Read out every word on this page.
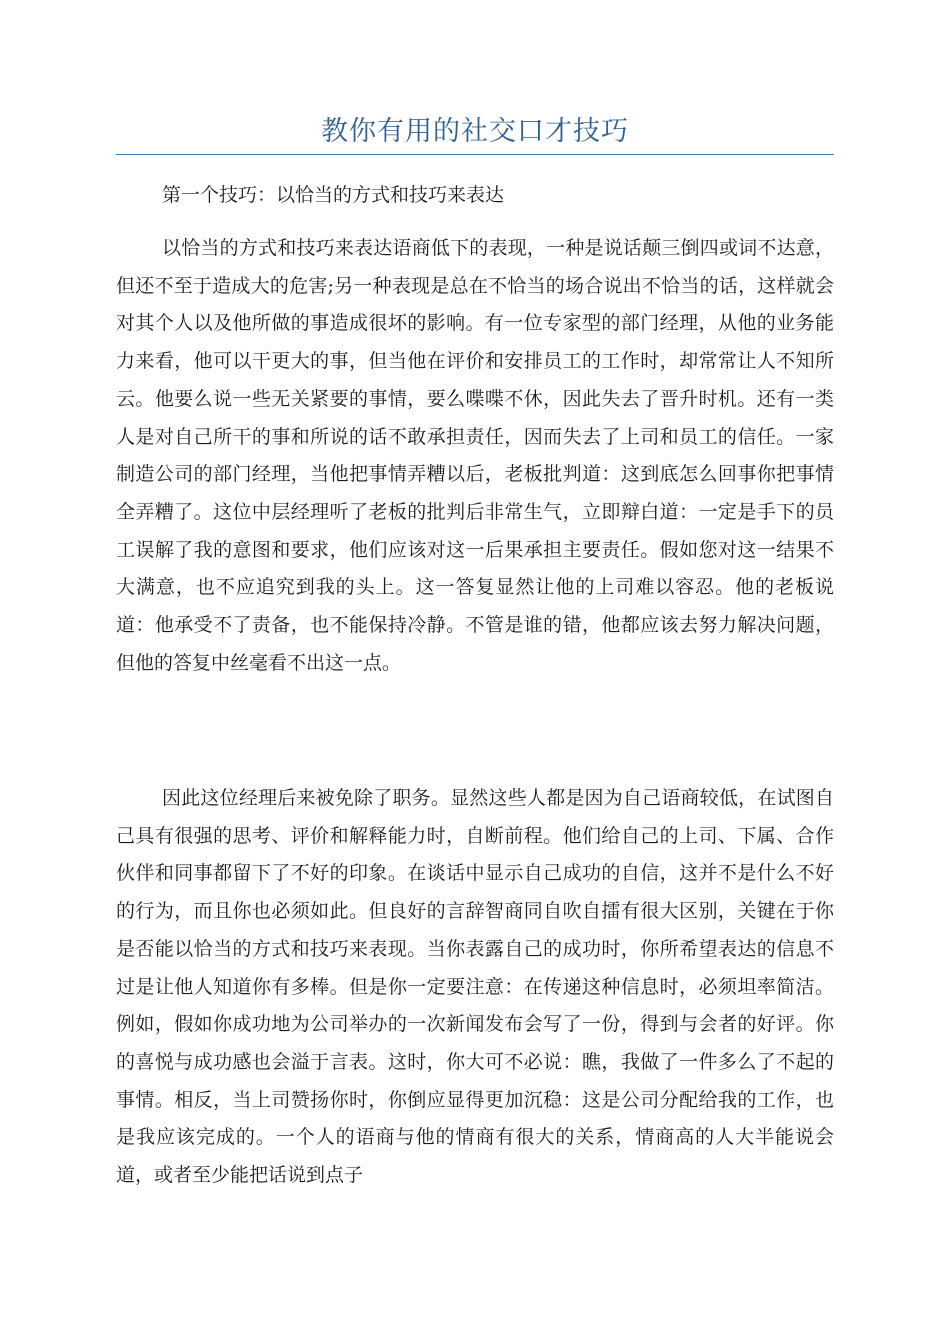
教你有用的社交口才技巧

第一个技巧：以恰当的方式和技巧来表达

以恰当的方式和技巧来表达语商低下的表现，一种是说话颠三倒四或词不达意，但还不至于造成大的危害;另一种表现是总在不恰当的场合说出不恰当的话，这样就会对其个人以及他所做的事造成很坏的影响。有一位专家型的部门经理，从他的业务能力来看，他可以干更大的事，但当他在评价和安排员工的工作时，却常常让人不知所云。他要么说一些无关紧要的事情，要么喋喋不休，因此失去了晋升时机。还有一类人是对自己所干的事和所说的话不敢承担责任，因而失去了上司和员工的信任。一家制造公司的部门经理，当他把事情弄糟以后，老板批判道：这到底怎么回事你把事情全弄糟了。这位中层经理听了老板的批判后非常生气，立即辩白道：一定是手下的员工误解了我的意图和要求，他们应该对这一后果承担主要责任。假如您对这一结果不大满意，也不应追究到我的头上。这一答复显然让他的上司难以容忍。他的老板说道：他承受不了责备，也不能保持冷静。不管是谁的错，他都应该去努力解决问题，但他的答复中丝毫看不出这一点。

因此这位经理后来被免除了职务。显然这些人都是因为自己语商较低，在试图自己具有很强的思考、评价和解释能力时，自断前程。他们给自己的上司、下属、合作伙伴和同事都留下了不好的印象。在谈话中显示自己成功的自信，这并不是什么不好的行为，而且你也必须如此。但良好的言辞智商同自吹自擂有很大区别，关键在于你是否能以恰当的方式和技巧来表现。当你表露自己的成功时，你所希望表达的信息不过是让他人知道你有多棒。但是你一定要注意：在传递这种信息时，必须坦率简洁。例如，假如你成功地为公司举办的一次新闻发布会写了一份，得到与会者的好评。你的喜悦与成功感也会溢于言表。这时，你大可不必说：瞧，我做了一件多么了不起的事情。相反，当上司赞扬你时，你倒应显得更加沉稳：这是公司分配给我的工作，也是我应该完成的。一个人的语商与他的情商有很大的关系，情商高的人大半能说会道，或者至少能把话说到点子
